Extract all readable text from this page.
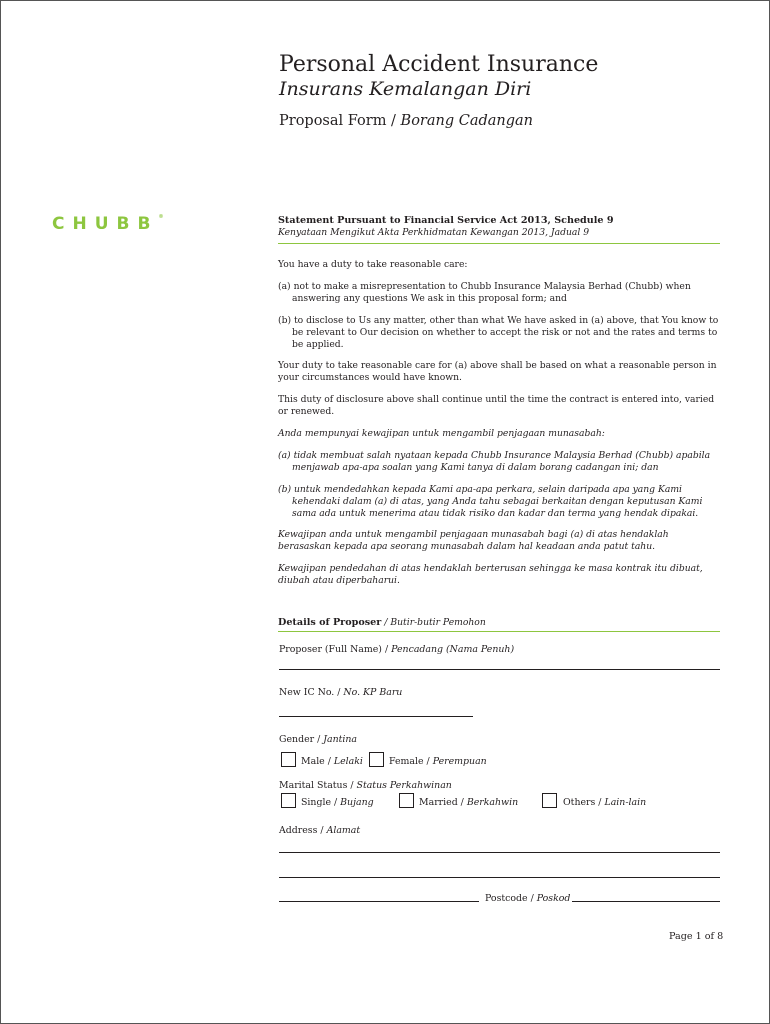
CHUBB®
Personal Accident Insurance
Insurans Kemalangan Diri
Proposal Form / Borang Cadangan
Statement Pursuant to Financial Service Act 2013, Schedule 9
Kenyataan Mengikut Akta Perkhidmatan Kewangan 2013, Jadual 9

You have a duty to take reasonable care:

(a) not to make a misrepresentation to Chubb Insurance Malaysia Berhad (Chubb) when answering any questions We ask in this proposal form; and

(b) to disclose to Us any matter, other than what We have asked in (a) above, that You know to be relevant to Our decision on whether to accept the risk or not and the rates and terms to be applied.

Your duty to take reasonable care for (a) above shall be based on what a reasonable person in your circumstances would have known.

This duty of disclosure above shall continue until the time the contract is entered into, varied or renewed.

Anda mempunyai kewajipan untuk mengambil penjagaan munasabah:

(a) tidak membuat salah nyataan kepada Chubb Insurance Malaysia Berhad (Chubb) apabila menjawab apa-apa soalan yang Kami tanya di dalam borang cadangan ini; dan

(b) untuk mendedahkan kepada Kami apa-apa perkara, selain daripada apa yang Kami kehendaki dalam (a) di atas, yang Anda tahu sebagai berkaitan dengan keputusan Kami sama ada untuk menerima atau tidak risiko dan kadar dan terma yang hendak dipakai.

Kewajipan anda untuk mengambil penjagaan munasabah bagi (a) di atas hendaklah berasaskan kepada apa seorang munasabah dalam hal keadaan anda patut tahu.

Kewajipan pendedahan di atas hendaklah berterusan sehingga ke masa kontrak itu dibuat, diubah atau diperbaharui.

Details of Proposer / Butir-butir Pemohon
Proposer (Full Name) / Pencadang (Nama Penuh)
New IC No. / No. KP Baru
Gender / Jantina
Male / Lelaki	Female / Perempuan
Marital Status / Status Perkahwinan
Single / Bujang	Married / Berkahwin	Others / Lain-lain
Address / Alamat
Postcode / Poskod
Page 1 of 8
